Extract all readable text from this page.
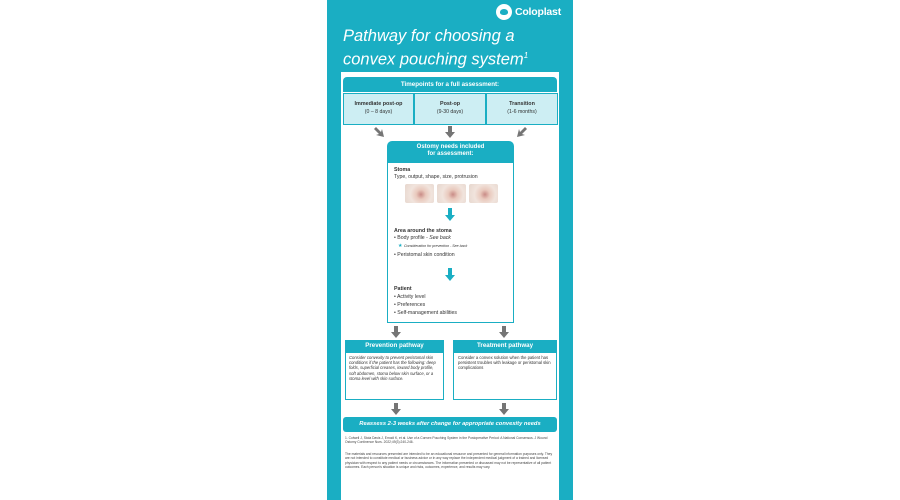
Coloplast
Pathway for choosing a
convex pouching system$^1$
Timepoints for a full assessment:
Immediate post-op
(0 – 8 days)
Post-op
(9-30 days)
Transition
(1-6 months)
Ostomy needs included
for assessment:
Stoma
Type, output, shape, size, protrusion
Area around the stoma
• Body profile - See back
★ Consideration for prevention - See back
• Peristomal skin condition
Patient
• Activity level
• Preferences
• Self-management abilities
Prevention pathway
Consider convexity to prevent peristomal skin conditions if the patient has the following: deep folds, superficial creases, inward body profile, soft abdomen, stoma below skin surface, or a stoma level with skin surface.
Treatment pathway
Consider a convex solution when the patient has persistent troubles with leakage or peristomal skin complications
Reassess 2-3 weeks after change for appropriate convexity needs
1. Colwell J, Stoia Davis J, Emodi K, et al. Use of a Convex Pouching System in the Postoperative Period: A National Consensus. J Wound Ostomy Continence Nurs. 2022;49(3):240-246.
The materials and resources presented are intended to be an educational resource and presented for general information purposes only. They are not intended to constitute medical or business advice or in any way replace the independent medical judgment of a trained and licensed physician with respect to any patient needs or circumstances. The information presented or discussed may not be representative of all patient outcomes. Each person's situation is unique and risks, outcomes, experience, and results may vary.
